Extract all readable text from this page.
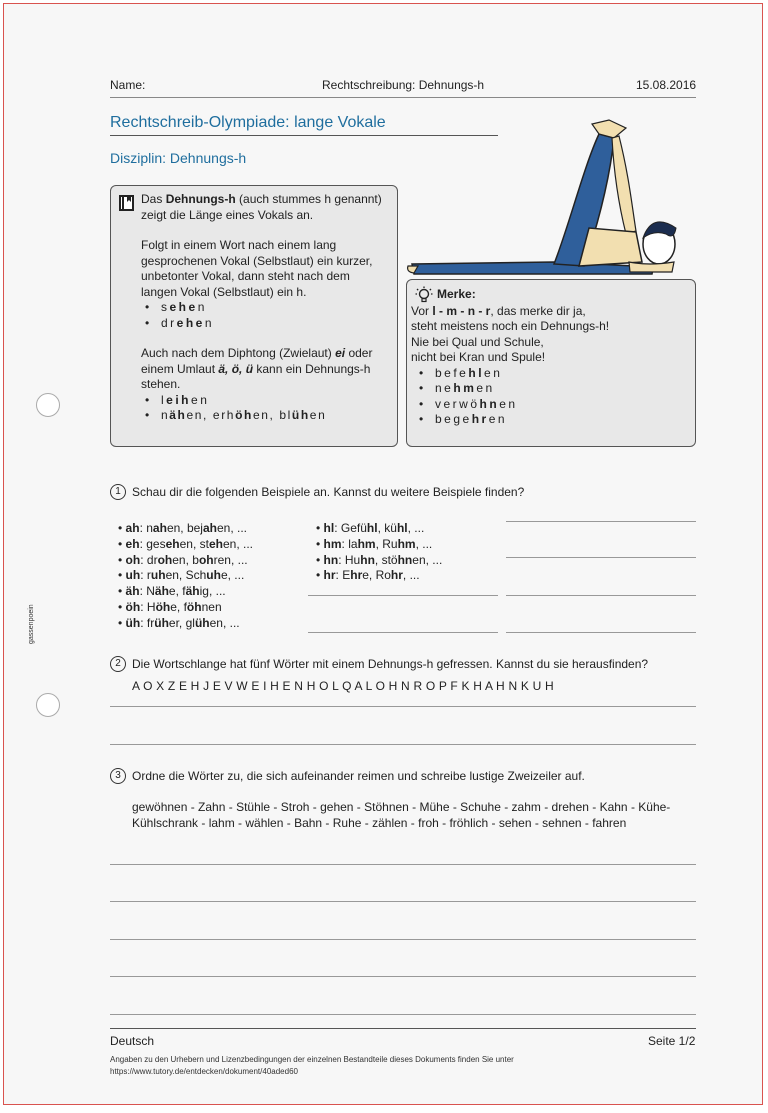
Name:	Rechtschreibung: Dehnungs-h	15.08.2016
Rechtschreib-Olympiade: lange Vokale
Disziplin: Dehnungs-h

Das Dehnungs-h (auch stummes h genannt) zeigt die Länge eines Vokals an.

Folgt in einem Wort nach einem lang gesprochenen Vokal (Selbstlaut) ein kurzer, unbetonter Vokal, dann steht nach dem langen Vokal (Selbstlaut) ein h.

• sehen
• drehen

Auch nach dem Diphtong (Zwielaut) ei oder einem Umlaut ä, ö, ü kann ein Dehnungs-h stehen.

• leihen
• nähen, erhöhen, blühen

Merke:

Vor l - m - n - r, das merke dir ja,

steht meistens noch ein Dehnungs-h!

Nie bei Qual und Schule,

nicht bei Kran und Spule!

• befehlen
• nehmen
• verwöhnen
• begehren
gassenpoein
1 Schau dir die folgenden Beispiele an. Kannst du weitere Beispiele finden?
• ah: nahen, bejahen, ...
• eh: gesehen, stehen, ...
• oh: drohen, bohren, ...
• uh: ruhen, Schuhe, ...
• äh: Nähe, fähig, ...
• öh: Höhe, föhnen
• üh: früher, glühen, ...
• hl: Gefühl, kühl, ...
• hm: lahm, Ruhm, ...
• hn: Huhn, stöhnen, ...
• hr: Ehre, Rohr, ...
2 Die Wortschlange hat fünf Wörter mit einem Dehnungs-h gefressen. Kannst du sie herausfinden?
A O X Z E H J E V W E I H E N H O L Q A L O H N R O P F K H A H N K U H
3 Ordne die Wörter zu, die sich aufeinander reimen und schreibe lustige Zweizeiler auf.
gewöhnen - Zahn - Stühle - Stroh - gehen - Stöhnen - Mühe - Schuhe - zahm - drehen - Kahn - Kühe-
Kühlschrank - lahm - wählen - Bahn - Ruhe - zählen - froh - fröhlich - sehen - sehnen - fahren
Deutsch	Seite 1/2
Angaben zu den Urhebern und Lizenzbedingungen der einzelnen Bestandteile dieses Dokuments finden Sie unter
https://www.tutory.de/entdecken/dokument/40aded60
